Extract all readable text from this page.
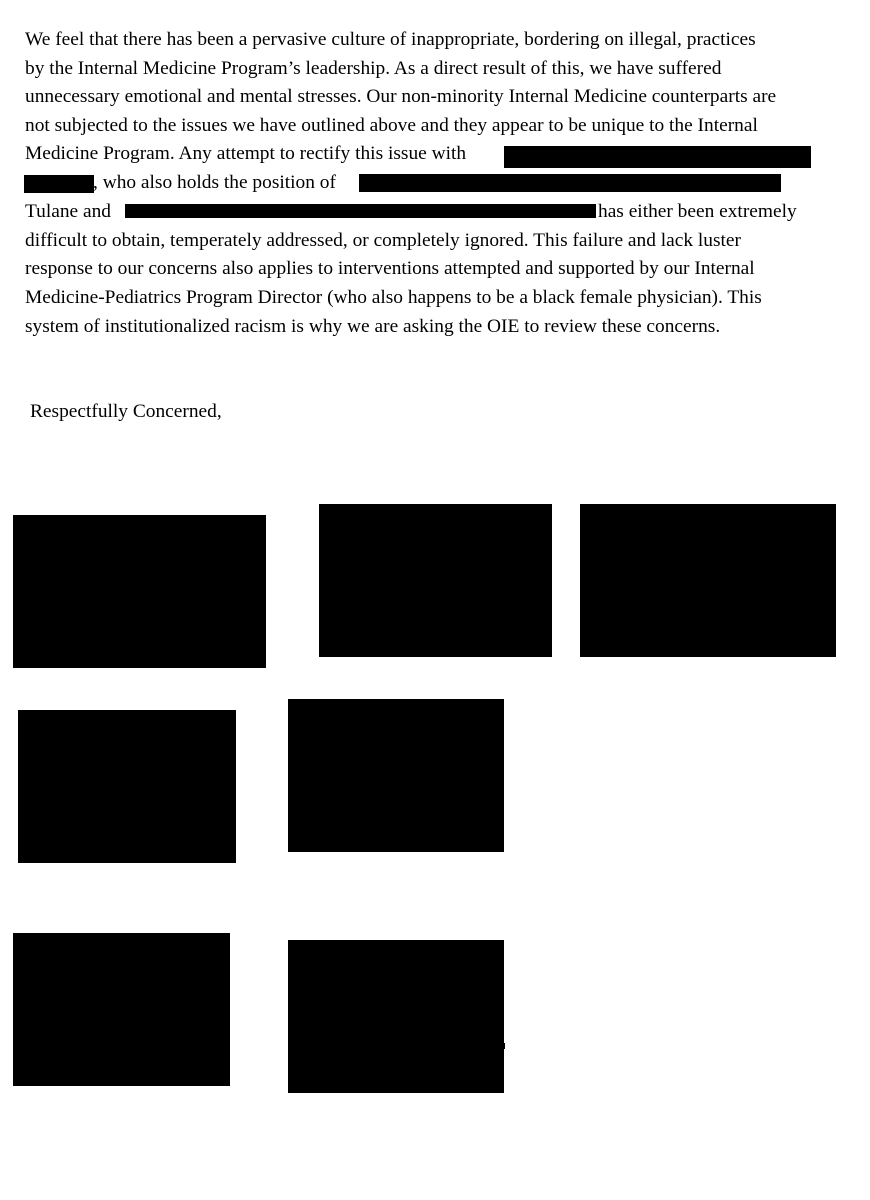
We feel that there has been a pervasive culture of inappropriate, bordering on illegal, practices
by the Internal Medicine Program’s leadership. As a direct result of this, we have suffered
unnecessary emotional and mental stresses. Our non-minority Internal Medicine counterparts are
not subjected to the issues we have outlined above and they appear to be unique to the Internal
Medicine Program. Any attempt to rectify this issue with
, who also holds the position of
Tulane and	has either been extremely
difficult to obtain, temperately addressed, or completely ignored. This failure and lack luster
response to our concerns also applies to interventions attempted and supported by our Internal
Medicine-Pediatrics Program Director (who also happens to be a black female physician). This
system of institutionalized racism is why we are asking the OIE to review these concerns.
Respectfully Concerned,
